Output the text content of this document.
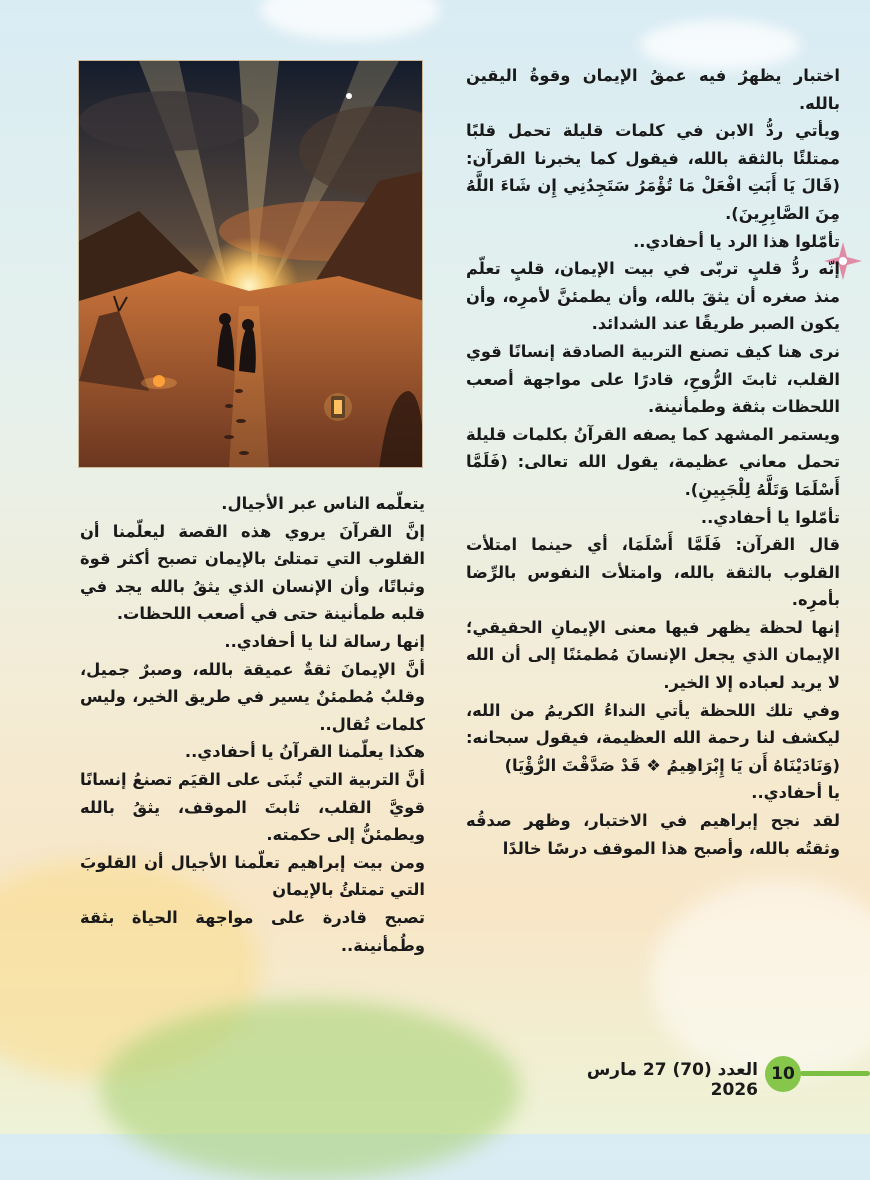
اختبار يظهرُ فيه عمقُ الإيمان وقوةُ اليقين بالله.

ويأتي ردُّ الابن في كلمات قليلة تحمل قلبًا ممتلئًا بالثقة بالله، فيقول كما يخبرنا القرآن: (قَالَ يَا أَبَتِ افْعَلْ مَا تُؤْمَرُ سَتَجِدُنِي إِن شَاءَ اللَّهُ مِنَ الصَّابِرِينَ).

تأمّلوا هذا الرد يا أحفادي..

إنّه ردُّ قلبٍ تربّى في بيت الإيمان، قلبٍ تعلّم منذ صغره أن يثقَ بالله، وأن يطمئنَّ لأمرِه، وأن يكون الصبر طريقًا عند الشدائد.

نرى هنا كيف تصنع التربية الصادقة إنسانًا قوي القلب، ثابتَ الرُّوحِ، قادرًا على مواجهة أصعب اللحظات بثقة وطمأنينة.

ويستمر المشهد كما يصفه القرآنُ بكلمات قليلة تحمل معاني عظيمة، يقول الله تعالى: (فَلَمَّا أَسْلَمَا وَتَلَّهُ لِلْجَبِينِ).

تأمّلوا يا أحفادي..

قال القرآن: فَلَمَّا أَسْلَمَا، أي حينما امتلأت القلوب بالثقة بالله، وامتلأت النفوس بالرِّضا بأمرِه.

إنها لحظة يظهر فيها معنى الإيمانِ الحقيقي؛ الإيمان الذي يجعل الإنسانَ مُطمئنًا إلى أن الله لا يريد لعباده إلا الخير.

وفي تلك اللحظة يأتي النداءُ الكريمُ من الله، ليكشف لنا رحمة الله العظيمة، فيقول سبحانه: (وَنَادَيْنَاهُ أَن يَا إِبْرَاهِيمُ ❖ قَدْ صَدَّقْتَ الرُّؤْيَا)

يا أحفادي..

لقد نجح إبراهيم في الاختبار، وظهر صدقُه وثقتُه بالله، وأصبح هذا الموقف درسًا خالدًا

يتعلّمه الناس عبر الأجيال.

إنَّ القرآنَ يروي هذه القصة ليعلّمنا أن القلوب التي تمتلئ بالإيمان تصبح أكثر قوة وثباتًا، وأن الإنسان الذي يثقُ بالله يجد في قلبه طمأنينة حتى في أصعب اللحظات.

إنها رسالة لنا يا أحفادي..

أنَّ الإيمانَ ثقةٌ عميقة بالله، وصبرٌ جميل، وقلبٌ مُطمئنٌ يسير في طريق الخير، وليس كلمات تُقال..

هكذا يعلّمنا القرآنُ يا أحفادي..

أنَّ التربية التي تُبنَى على القيَم تصنعُ إنسانًا قويَّ القلب، ثابتَ الموقف، يثقُ بالله ويطمئنُّ إلى حكمته.

ومن بيت إبراهيم تعلّمنا الأجيال أن القلوبَ التي تمتلئُ بالإيمان

تصبح قادرة على مواجهة الحياة بثقة وطُمأنينة..

10
العدد (70) 27 مارس 2026
